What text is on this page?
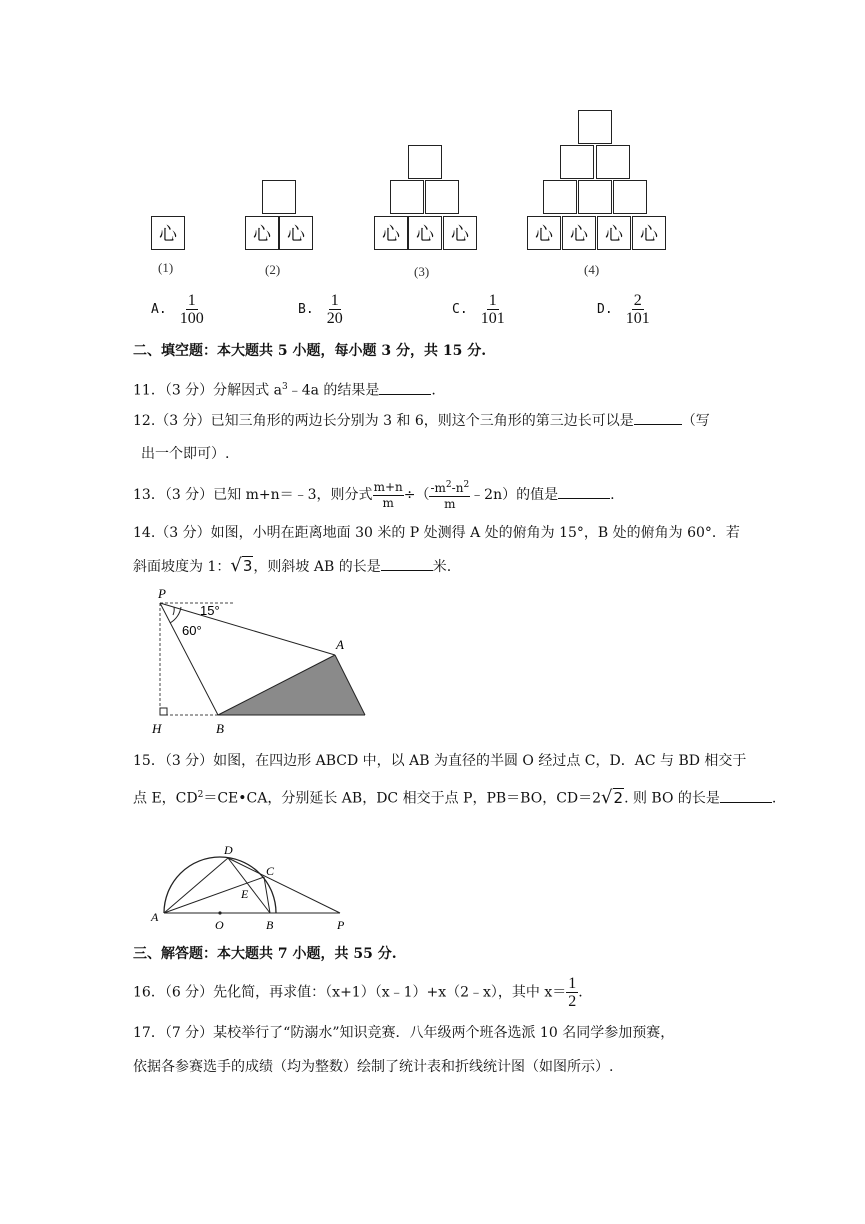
心	心 心	心 心 心	心 心 心 心
(1)	(2)	(3)	(4)
A. $\frac{1}{100}$	B. $\frac{1}{20}$	C. $\frac{1}{101}$	D. $\frac{2}{101}$
二、填空题：本大题共 5 小题，每小题 3 分，共 15 分.
11．（3 分）分解因式 $a^3﹣4a$ 的结果是	.
12.（3 分）已知三角形的两边长分别为 3 和 6，则这个三角形的第三边长可以是	（写
出一个即可）.
13．（3 分）已知 m+n＝﹣3，则分式 $\frac{m+n}{m}$ ÷（ $\frac{-m^2-n^2}{m}$ ﹣2n）的值是	.
14.（3 分）如图，小明在距离地面 30 米的 P 处测得 A 处的俯角为 15°，B 处的俯角为 60°．若
斜面坡度为 1：√3，则斜坡 AB 的长是	米.
P
15°
60°
A
B
H
15．（3 分）如图，在四边形 ABCD 中，以 AB 为直径的半圆 O 经过点 C，D．AC 与 BD 相交于
点 E，$CD^2=CE•CA$，分别延长 AB，DC 相交于点 P，PB＝BO，CD＝2√2. 则 BO 的长是	.
A
O	B	P
C
D
E
三、解答题：本大题共 7 小题，共 55 分.
16．（6 分）先化简，再求值：（x+1）（x﹣1）+x（2﹣x），其中 $x= \frac{1}{2}$ .
17．（7 分）某校举行了“防溺水”知识竞赛．八年级两个班各选派 10 名同学参加预赛，
依据各参赛选手的成绩（均为整数）绘制了统计表和折线统计图（如图所示）.
